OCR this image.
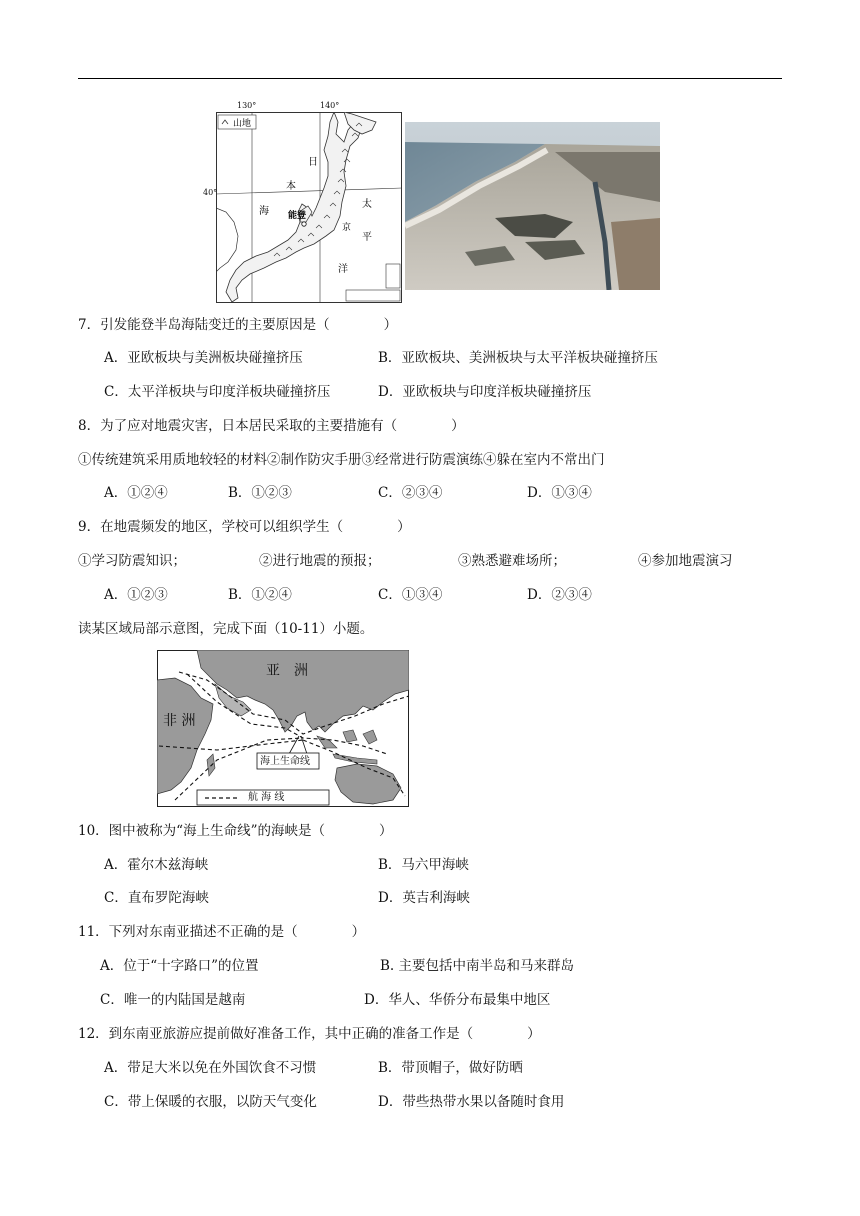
山地
日
本
海 能登
太
京
平
洋
130°	140°
40°
7．引发能登半岛海陆变迁的主要原因是（　　　　）
A．亚欧板块与美洲板块碰撞挤压	B．亚欧板块、美洲板块与太平洋板块碰撞挤压
C．太平洋板块与印度洋板块碰撞挤压	D．亚欧板块与印度洋板块碰撞挤压
8．为了应对地震灾害，日本居民采取的主要措施有（　　　　）
①传统建筑采用质地较轻的材料②制作防灾手册③经常进行防震演练④躲在室内不常出门
A．①②④	B．①②③	C．②③④	D．①③④
9．在地震频发的地区，学校可以组织学生（　　　　）
①学习防震知识；	②进行地震的预报；	③熟悉避难场所；	④参加地震演习
A．①②③	B．①②④	C．①③④	D．②③④
读某区域局部示意图，完成下面（10-11）小题。
亚　洲
非 洲
海上生命线
航 海 线
10．图中被称为“海上生命线”的海峡是（　　　　）
A．霍尔木兹海峡	B．马六甲海峡
C．直布罗陀海峡	D．英吉利海峡
11．下列对东南亚描述不正确的是（　　　　）
A．位于“十字路口”的位置	B. 主要包括中南半岛和马来群岛
C．唯一的内陆国是越南	D．华人、华侨分布最集中地区
12．到东南亚旅游应提前做好准备工作，其中正确的准备工作是（　　　　）
A．带足大米以免在外国饮食不习惯	B．带顶帽子，做好防晒
C．带上保暖的衣服，以防天气变化	D．带些热带水果以备随时食用
